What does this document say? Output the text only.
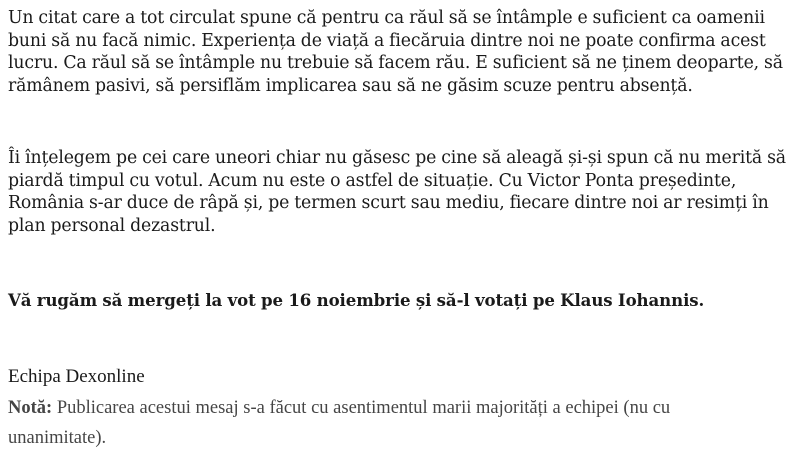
Un citat care a tot circulat spune că pentru ca răul să se întâmple e suficient ca oamenii
buni să nu facă nimic. Experiența de viață a fiecăruia dintre noi ne poate confirma acest
lucru. Ca răul să se întâmple nu trebuie să facem rău. E suficient să ne ținem deoparte, să
rămânem pasivi, să persiflăm implicarea sau să ne găsim scuze pentru absență.

Îi înțelegem pe cei care uneori chiar nu găsesc pe cine să aleagă și-și spun că nu merită să
piardă timpul cu votul. Acum nu este o astfel de situație. Cu Victor Ponta președinte,
România s-ar duce de râpă și, pe termen scurt sau mediu, fiecare dintre noi ar resimți în
plan personal dezastrul.

Vă rugăm să mergeți la vot pe 16 noiembrie și să-l votați pe Klaus Iohannis.

Echipa Dexonline
Notă: Publicarea acestui mesaj s-a făcut cu asentimentul marii majorități a echipei (nu cu
unanimitate).
